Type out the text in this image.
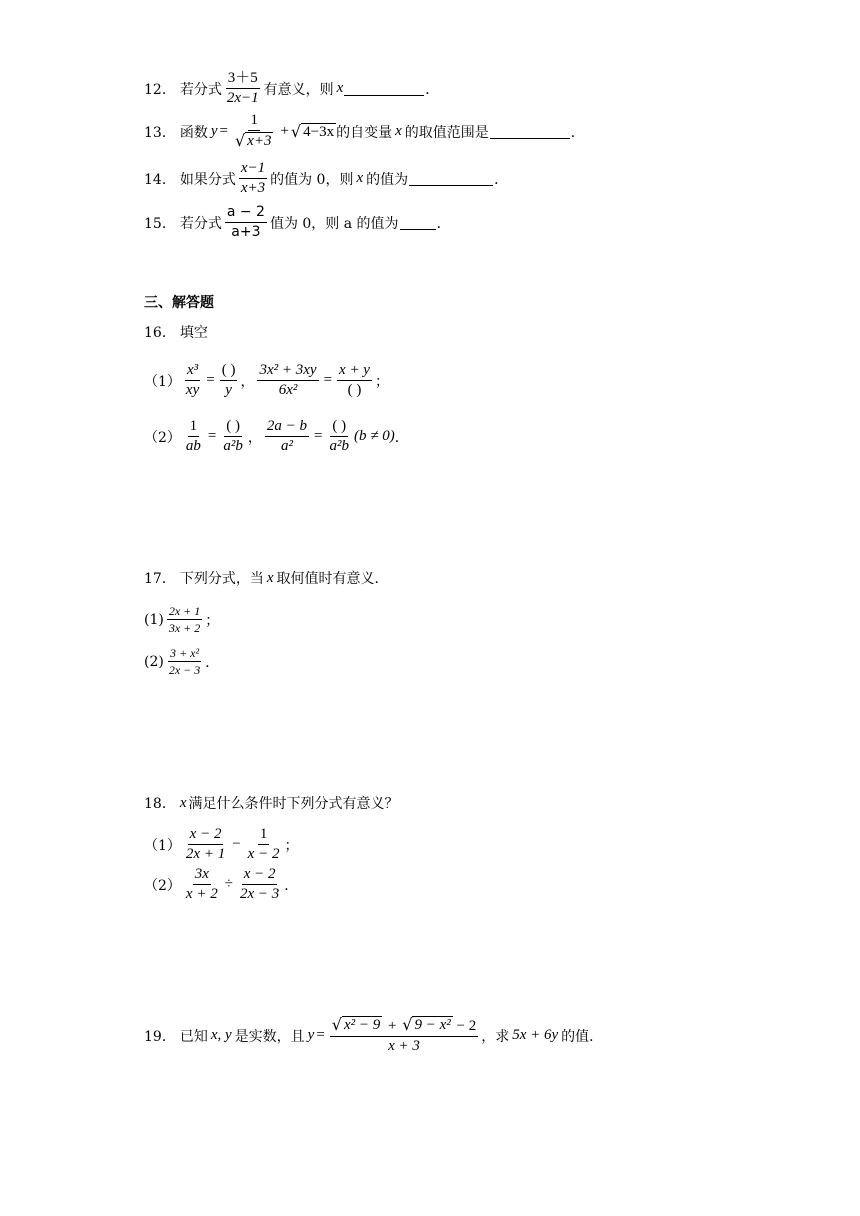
12． 若分式 $\frac{3+5}{2x-1}$ 有意义，则 x	．
13． 函数 $y = \frac{1}{√ x+3}$ + √ 4−3x 的自变量 x 的取值范围是	．
14． 如果分式 $\frac{x-1}{x+3}$ 的值为 0，则 x 的值为	．
15． 若分式 $\frac{a - 2}{a+3}$ 值为 0，则 a 的值为	．
三、解答题
16． 填空
$(1) \frac{\text{x³}}{xy} = \frac{( )}{y}$ ， $\frac{\text{3x² + 3xy}}{\text{6x²}} = \frac{x + y}{( )}$ ；
$(2) \frac{1}{ab} = \frac{( )}{\text{a²b}}$ ， $\frac{2a - b}{\text{a²}} = \frac{( )}{\text{a²b}} (b \ne 0)$ ．
17． 下列分式，当 x 取何值时有意义．
$(1) \frac{2x + 1}{3x + 2}$ ；
$(2) \frac{\text{3 + x²}}{2x - 3}$ ．
18． x 满足什么条件时下列分式有意义？
$(1) \frac{x - 2}{2x + 1} - \frac{1}{x - 2}$ ；
$(2) \frac{3x}{x + 2} \div \frac{x - 2}{2x - 3}$ ．
19． 已知 x, y 是实数，且 y =
√ x² − 9 + √ 9 − x² − 2
x + 3
，求 5x + 6y 的值．
